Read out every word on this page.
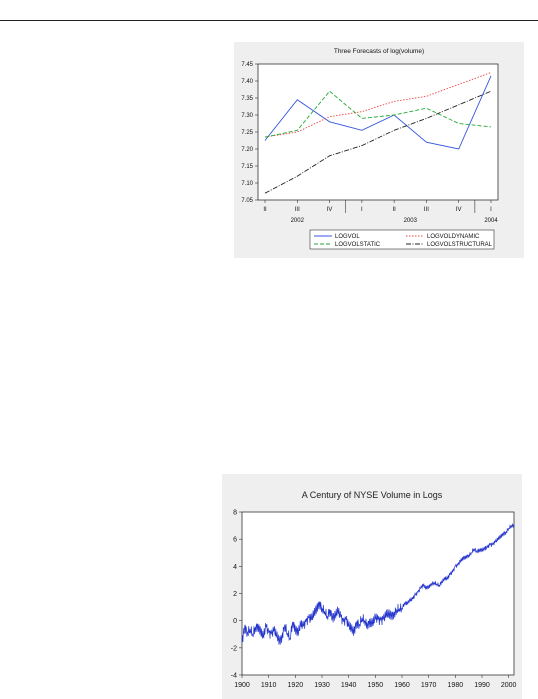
Three Forecasts of log(volume)
7.45
7.40
7.35
7.30
7.25
7.20
7.15
7.10
7.05
II	III	IV	I	II	III	IV	I
2002	2003	2004
LOGVOL	LOGVOLDYNAMIC
LOGVOLSTATIC	LOGVOLSTRUCTURAL
A Century of NYSE Volume in Logs
-4
-2
0
2
4
6
8
1900 1910 1920 1930 1940 1950 1960 1970 1980 1990 2000
